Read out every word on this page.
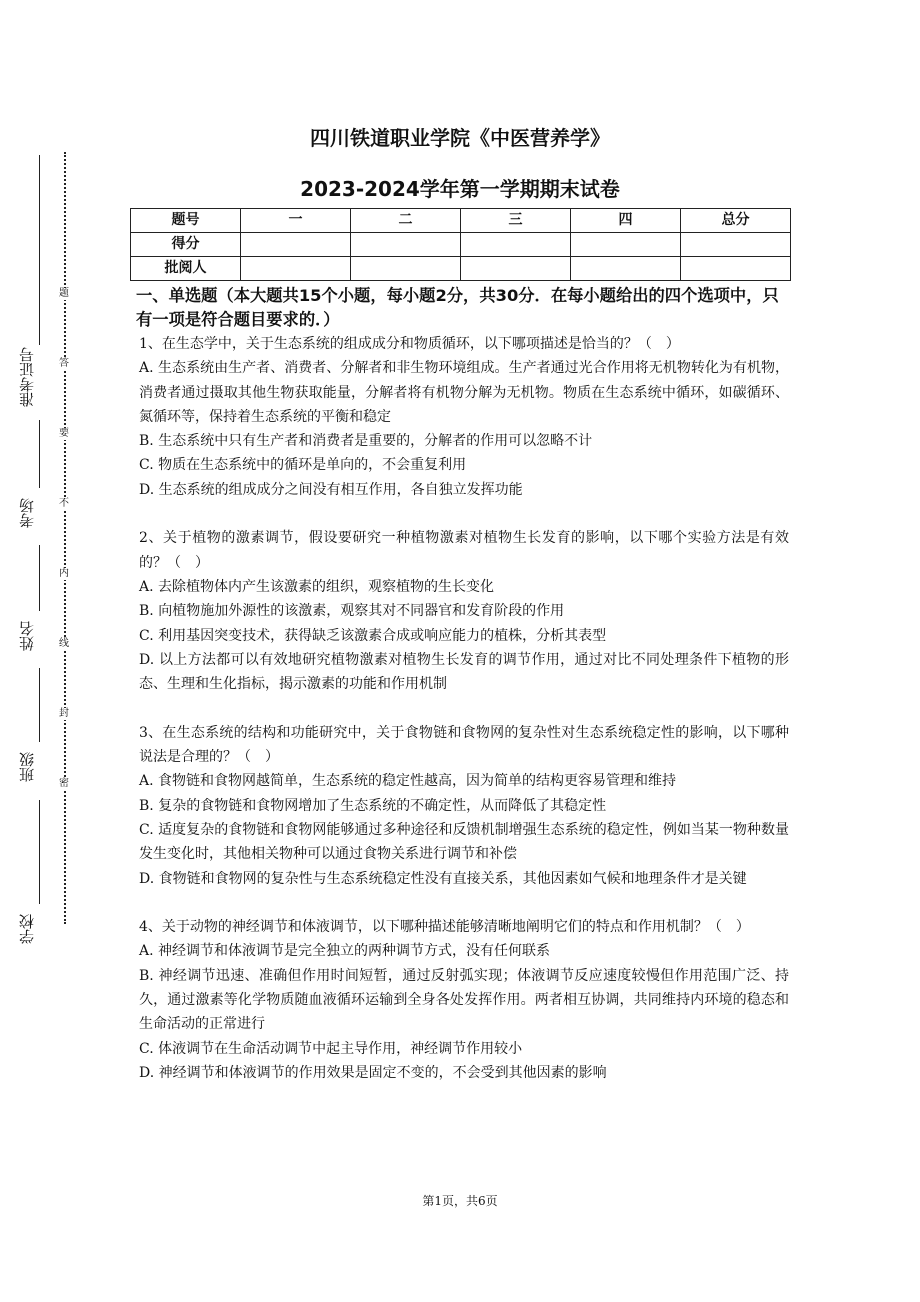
题
答
要
不
内
线
封
密
准考证号
考场
姓名
班级
学校
四川铁道职业学院《中医营养学》
2023-2024学年第一学期期末试卷
题号	一	二	三	四	总分
得分					
批阅人					
一、单选题（本大题共15个小题，每小题2分，共30分．在每小题给出的四个选项中，只有一项是符合题目要求的．）

1、在生态学中，关于生态系统的组成成分和物质循环，以下哪项描述是恰当的？（　）

A. 生态系统由生产者、消费者、分解者和非生物环境组成。生产者通过光合作用将无机物转化为有机物，消费者通过摄取其他生物获取能量，分解者将有机物分解为无机物。物质在生态系统中循环，如碳循环、氮循环等，保持着生态系统的平衡和稳定

B. 生态系统中只有生产者和消费者是重要的，分解者的作用可以忽略不计

C. 物质在生态系统中的循环是单向的，不会重复利用

D. 生态系统的组成成分之间没有相互作用，各自独立发挥功能

2、关于植物的激素调节，假设要研究一种植物激素对植物生长发育的影响，以下哪个实验方法是有效的？（　）

A. 去除植物体内产生该激素的组织，观察植物的生长变化

B. 向植物施加外源性的该激素，观察其对不同器官和发育阶段的作用

C. 利用基因突变技术，获得缺乏该激素合成或响应能力的植株，分析其表型

D. 以上方法都可以有效地研究植物激素对植物生长发育的调节作用，通过对比不同处理条件下植物的形态、生理和生化指标，揭示激素的功能和作用机制

3、在生态系统的结构和功能研究中，关于食物链和食物网的复杂性对生态系统稳定性的影响，以下哪种说法是合理的？（　）

A. 食物链和食物网越简单，生态系统的稳定性越高，因为简单的结构更容易管理和维持

B. 复杂的食物链和食物网增加了生态系统的不确定性，从而降低了其稳定性

C. 适度复杂的食物链和食物网能够通过多种途径和反馈机制增强生态系统的稳定性，例如当某一物种数量发生变化时，其他相关物种可以通过食物关系进行调节和补偿

D. 食物链和食物网的复杂性与生态系统稳定性没有直接关系，其他因素如气候和地理条件才是关键

4、关于动物的神经调节和体液调节，以下哪种描述能够清晰地阐明它们的特点和作用机制？（　）

A. 神经调节和体液调节是完全独立的两种调节方式，没有任何联系

B. 神经调节迅速、准确但作用时间短暂，通过反射弧实现；体液调节反应速度较慢但作用范围广泛、持久，通过激素等化学物质随血液循环运输到全身各处发挥作用。两者相互协调，共同维持内环境的稳态和生命活动的正常进行

C. 体液调节在生命活动调节中起主导作用，神经调节作用较小

D. 神经调节和体液调节的作用效果是固定不变的，不会受到其他因素的影响

第1页，共6页
